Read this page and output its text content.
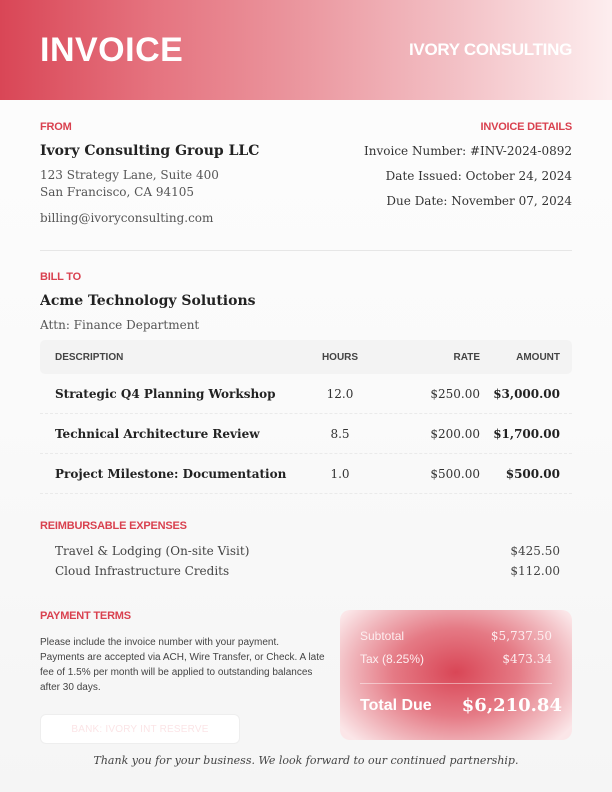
INVOICE	IVORY CONSULTING
FROM
Ivory Consulting Group LLC
123 Strategy Lane, Suite 400
San Francisco, CA 94105
billing@ivoryconsulting.com
INVOICE DETAILS
Invoice Number: #INV-2024-0892
Date Issued: October 24, 2024
Due Date: November 07, 2024
BILL TO
Acme Technology Solutions
Attn: Finance Department
DESCRIPTION	HOURS	RATE	AMOUNT
Strategic Q4 Planning Workshop	12.0	$250.00	$3,000.00
Technical Architecture Review	8.5	$200.00	$1,700.00
Project Milestone: Documentation	1.0	$500.00	$500.00
REIMBURSABLE EXPENSES
Travel & Lodging (On-site Visit)	$425.50
Cloud Infrastructure Credits	$112.00
PAYMENT TERMS

Please include the invoice number with your payment. Payments are accepted via ACH, Wire Transfer, or Check. A late fee of 1.5% per month will be applied to outstanding balances after 30 days.

BANK: IVORY INT RESERVE
Subtotal	$5,737.50
Tax (8.25%)	$473.34
Total Due $6,210.84
Thank you for your business. We look forward to our continued partnership.
